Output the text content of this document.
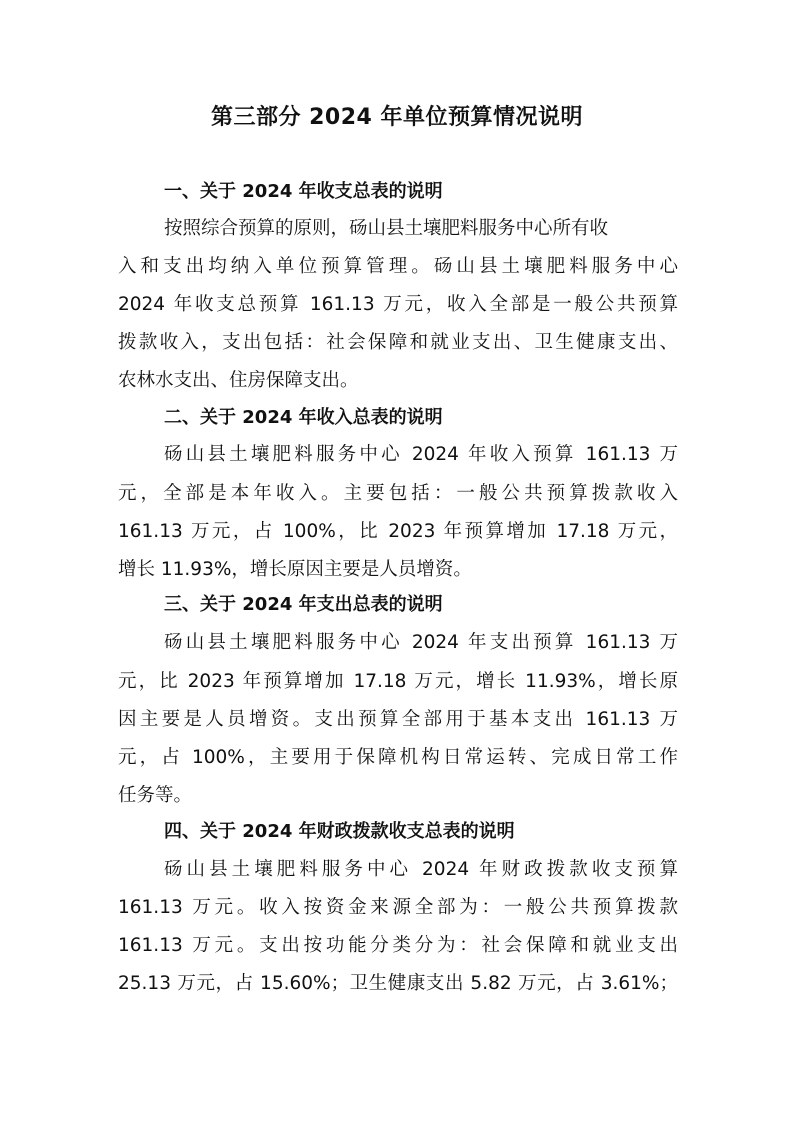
第三部分 2024 年单位预算情况说明
一、关于 2024 年收支总表的说明
按照综合预算的原则，砀山县土壤肥料服务中心所有收
入和支出均纳入单位预算管理。砀山县土壤肥料服务中心
2024 年收支总预算 161.13 万元，收入全部是一般公共预算
拨款收入，支出包括：社会保障和就业支出、卫生健康支出、
农林水支出、住房保障支出。
二、关于 2024 年收入总表的说明
砀山县土壤肥料服务中心 2024 年收入预算 161.13 万
元，全部是本年收入。主要包括：一般公共预算拨款收入
161.13 万元，占 100%，比 2023 年预算增加 17.18 万元，
增长 11.93%，增长原因主要是人员增资。
三、关于 2024 年支出总表的说明
砀山县土壤肥料服务中心 2024 年支出预算 161.13 万
元，比 2023 年预算增加 17.18 万元，增长 11.93%，增长原
因主要是人员增资。支出预算全部用于基本支出 161.13 万
元，占 100%，主要用于保障机构日常运转、完成日常工作
任务等。
四、关于 2024 年财政拨款收支总表的说明
砀山县土壤肥料服务中心 2024 年财政拨款收支预算
161.13 万元。收入按资金来源全部为：一般公共预算拨款
161.13 万元。支出按功能分类分为：社会保障和就业支出
25.13 万元，占 15.60%；卫生健康支出 5.82 万元，占 3.61%；
